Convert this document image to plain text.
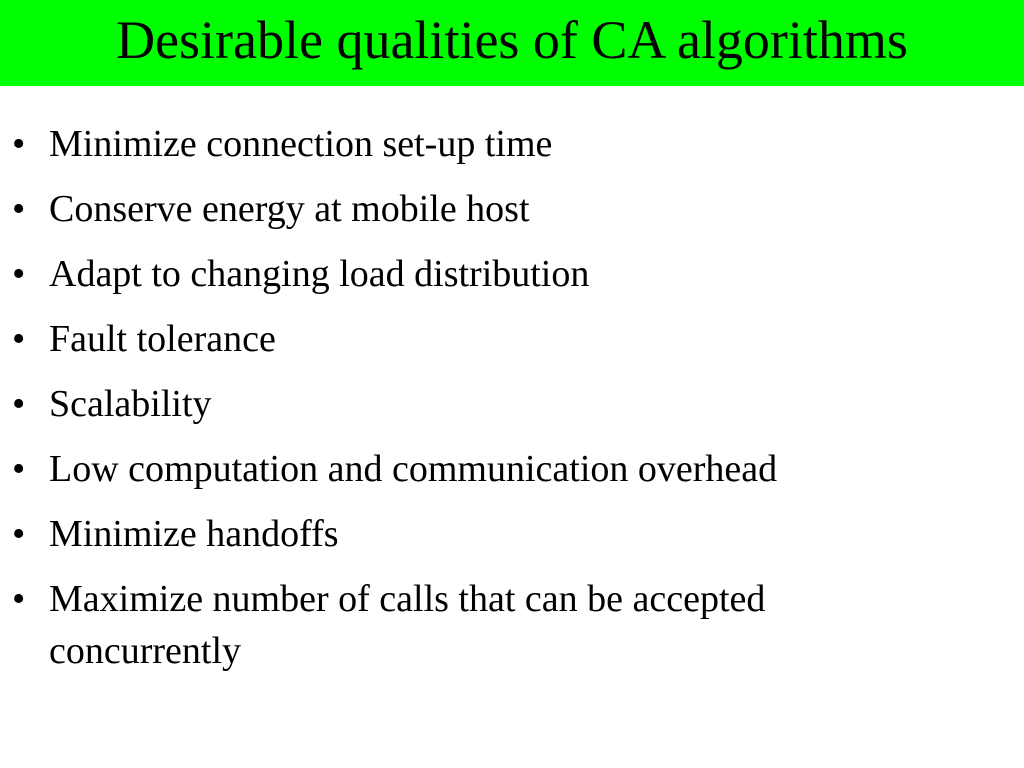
Desirable qualities of CA algorithms
• Minimize connection set-up time
• Conserve energy at mobile host
• Adapt to changing load distribution
• Fault tolerance
• Scalability
• Low computation and communication overhead
• Minimize handoffs
• Maximize number of calls that can be accepted concurrently
